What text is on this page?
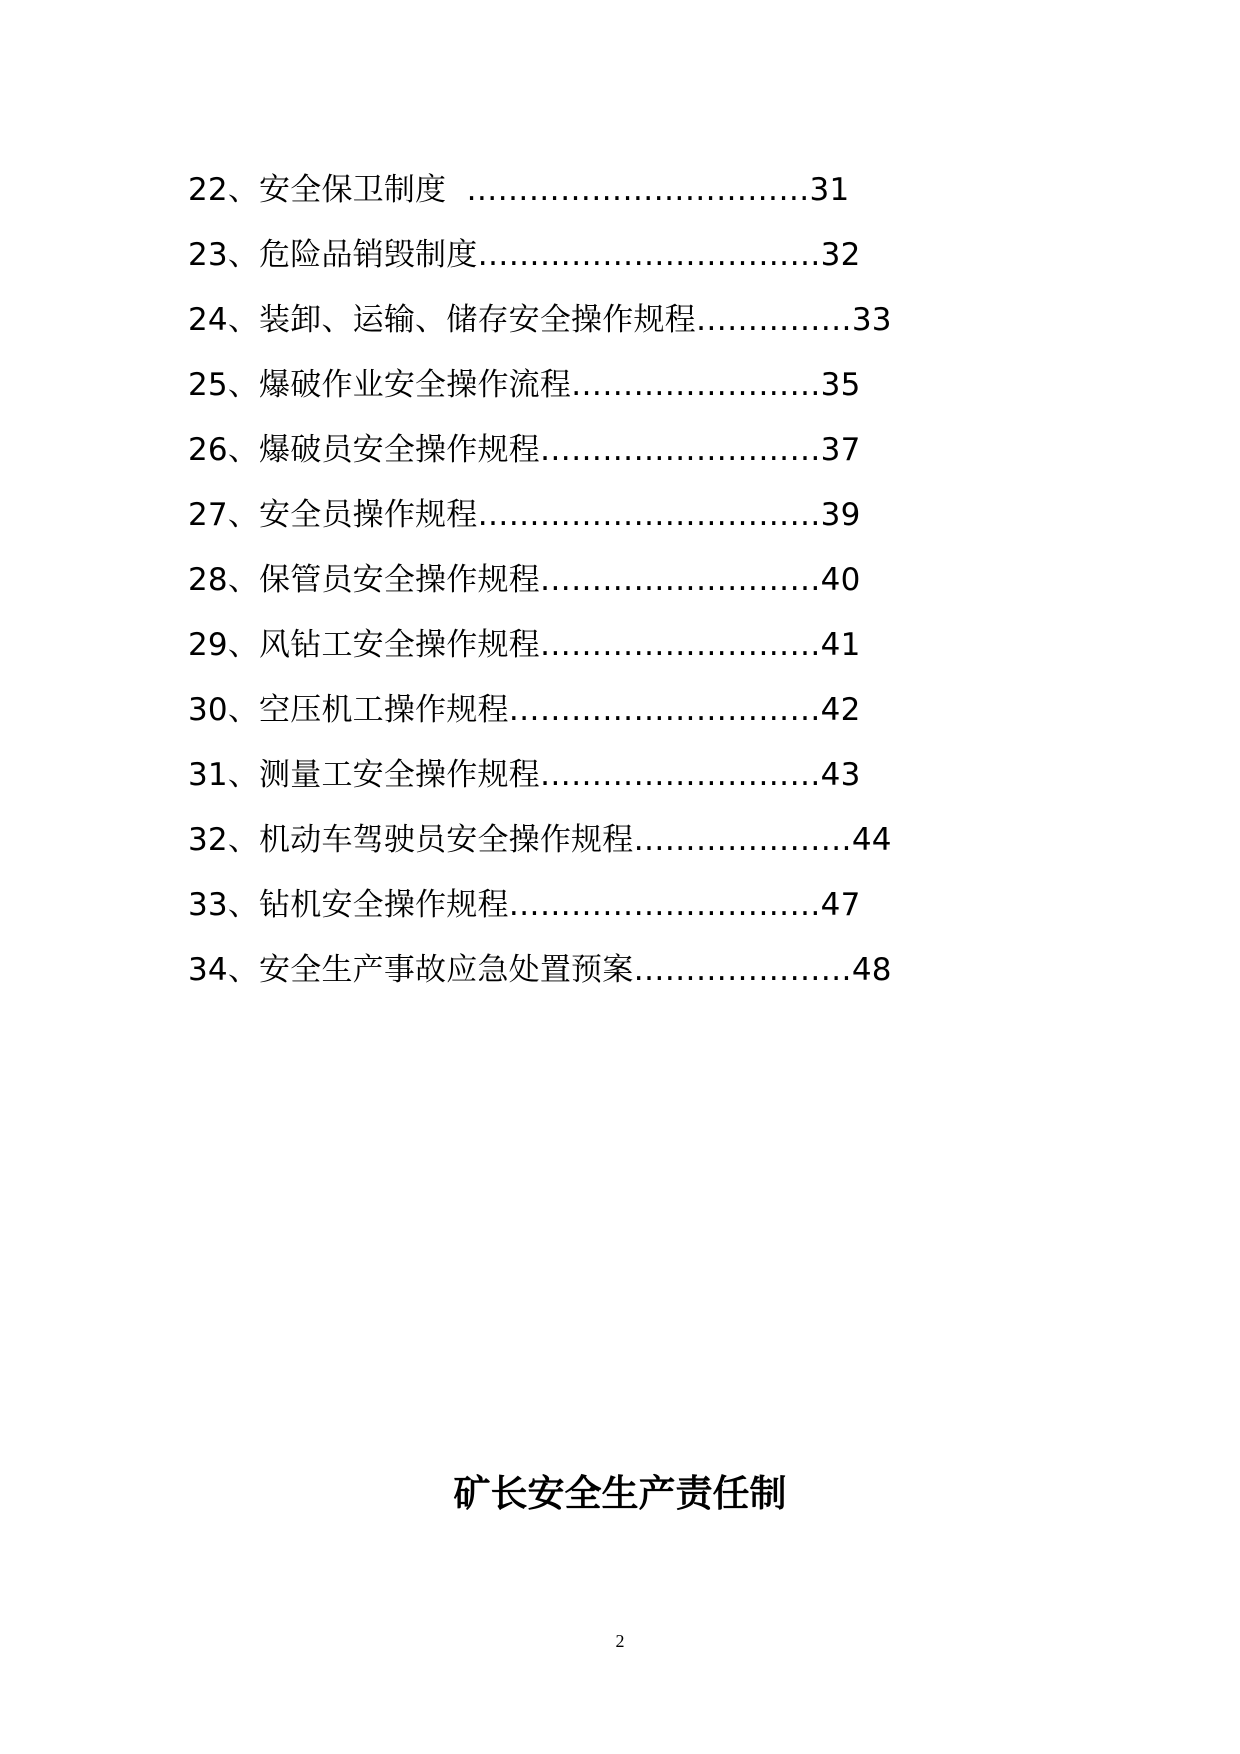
22、安全保卫制度  ……………………………31
23、危险品销毁制度……………………………32
24、装卸、运输、储存安全操作规程……………33
25、爆破作业安全操作流程……………………35
26、爆破员安全操作规程………………………37
27、安全员操作规程……………………………39
28、保管员安全操作规程………………………40
29、风钻工安全操作规程………………………41
30、空压机工操作规程…………………………42
31、测量工安全操作规程………………………43
32、机动车驾驶员安全操作规程…………………44
33、钻机安全操作规程…………………………47
34、安全生产事故应急处置预案…………………48
矿长安全生产责任制
2
